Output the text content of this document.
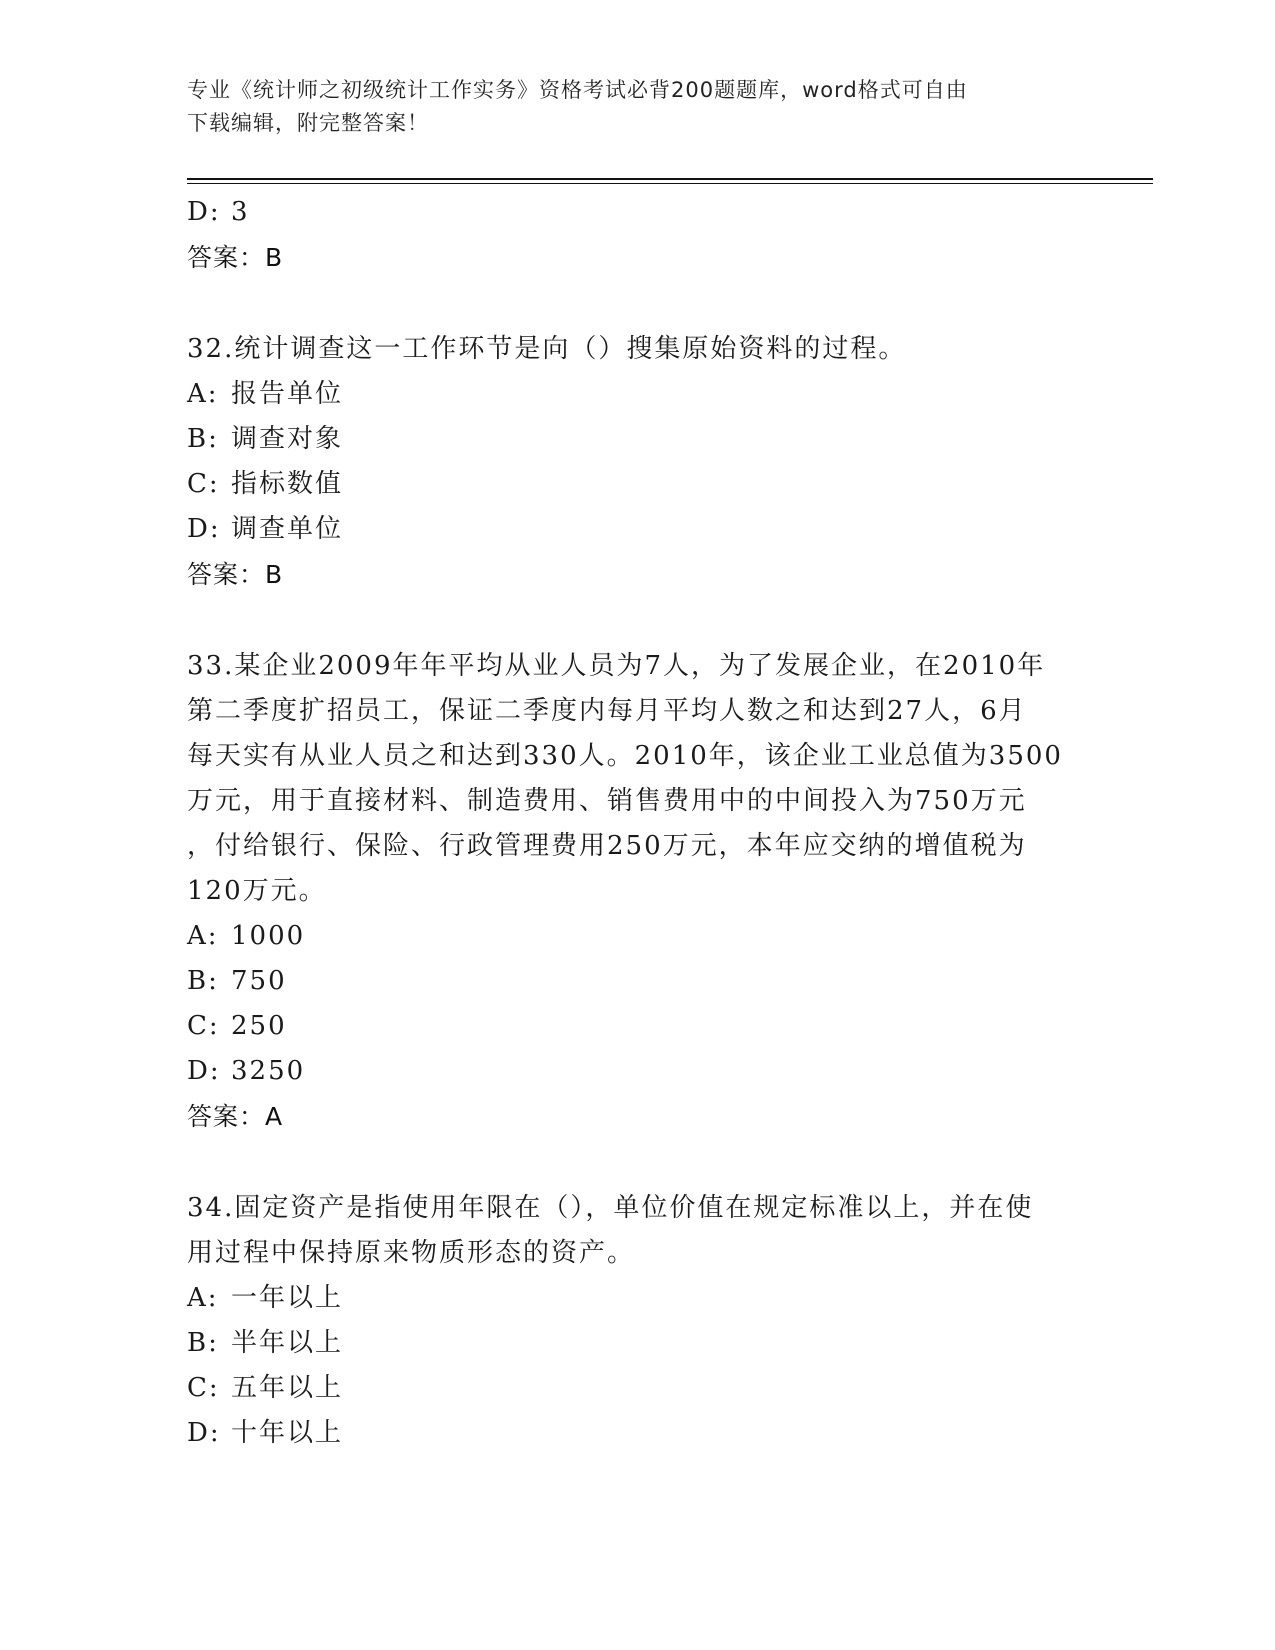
专业《统计师之初级统计工作实务》资格考试必背200题题库，word格式可自由
下载编辑，附完整答案！
D: 3
答案：B
32.统计调查这一工作环节是向（）搜集原始资料的过程。
A: 报告单位
B: 调查对象
C: 指标数值
D: 调查单位
答案：B
33.某企业2009年年平均从业人员为7人，为了发展企业，在2010年
第二季度扩招员工，保证二季度内每月平均人数之和达到27人，6月
每天实有从业人员之和达到330人。2010年，该企业工业总值为3500
万元，用于直接材料、制造费用、销售费用中的中间投入为750万元
，付给银行、保险、行政管理费用250万元，本年应交纳的增值税为
120万元。
A: 1000
B: 750
C: 250
D: 3250
答案：A
34.固定资产是指使用年限在（），单位价值在规定标准以上，并在使
用过程中保持原来物质形态的资产。
A: 一年以上
B: 半年以上
C: 五年以上
D: 十年以上
